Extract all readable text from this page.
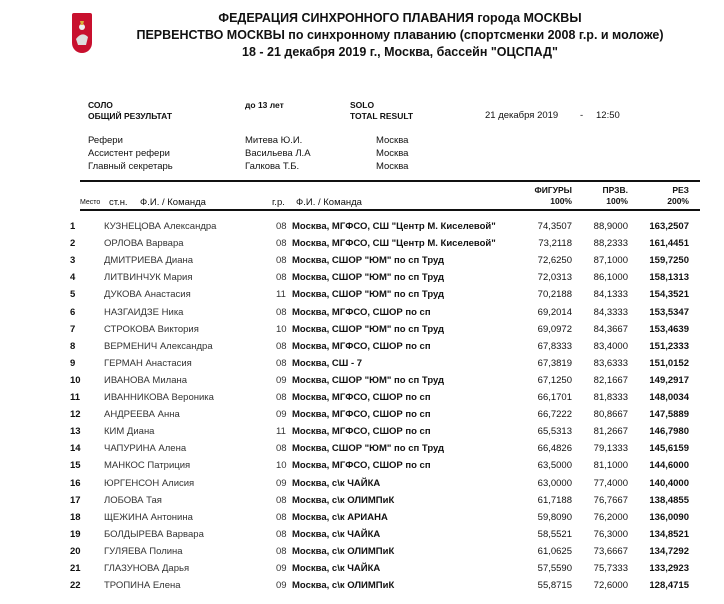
ФЕДЕРАЦИЯ СИНХРОННОГО ПЛАВАНИЯ города МОСКВЫ
ПЕРВЕНСТВО МОСКВЫ по синхронному плаванию (спортсменки 2008 г.р. и моложе)
18 - 21 декабря 2019 г., Москва, бассейн "ОЦСПАД"
СОЛО
ОБЩИЙ РЕЗУЛЬТАТ
до 13 лет	SOLO
TOTAL RESULT	21 декабря 2019 - 12:50
Рефери	Митева Ю.И.	Москва
Ассистент рефери	Васильева Л.А	Москва
Главный секретарь	Галкова Т.Б.	Москва
Место ст.н. Ф.И. / Команда	г.р. Ф.И. / Команда
ФИГУРЫ
100%
ПРЗВ.
100%
РЕЗ
200%
1	КУЗНЕЦОВА Александра	08 Москва, МГФСО, СШ "Центр М. Киселевой"	74,3507 88,9000 163,2507
2	ОРЛОВА Варвара	08 Москва, МГФСО, СШ "Центр М. Киселевой"	73,2118 88,2333 161,4451
3	ДМИТРИЕВА Диана	08 Москва, СШОР "ЮМ" по сп Труд	72,6250 87,1000 159,7250
4	ЛИТВИНЧУК Мария	08 Москва, СШОР "ЮМ" по сп Труд	72,0313 86,1000 158,1313
5	ДУКОВА Анастасия	11 Москва, СШОР "ЮМ" по сп Труд	70,2188 84,1333 154,3521
6	НАЗГАИДЗЕ Ника	08 Москва, МГФСО, СШОР по сп	69,2014 84,3333 153,5347
7	СТРОКОВА Виктория	10 Москва, СШОР "ЮМ" по сп Труд	69,0972 84,3667 153,4639
8	ВЕРМЕНИЧ Александра	08 Москва, МГФСО, СШОР по сп	67,8333 83,4000 151,2333
9	ГЕРМАН Анастасия	08 Москва, СШ - 7	67,3819 83,6333 151,0152
10 ИВАНОВА Милана	09 Москва, СШОР "ЮМ" по сп Труд	67,1250 82,1667 149,2917
11	ИВАННИКОВА Вероника	08 Москва, МГФСО, СШОР по сп	66,1701 81,8333 148,0034
12 АНДРЕЕВА Анна	09 Москва, МГФСО, СШОР по сп	66,7222 80,8667 147,5889
13 КИМ Диана	11 Москва, МГФСО, СШОР по сп	65,5313 81,2667 146,7980
14 ЧАПУРИНА Алена	08 Москва, СШОР "ЮМ" по сп Труд	66,4826 79,1333 145,6159
15 МАНКОС Патриция	10 Москва, МГФСО, СШОР по сп	63,5000 81,1000 144,6000
16 ЮРГЕНСОН Алисия	09 Москва, с\к ЧАЙКА	63,0000 77,4000 140,4000
17 ЛОБОВА Тая	08 Москва, с\к ОЛИМПиК	61,7188 76,7667 138,4855
18 ЩЕЖИНА Антонина	08 Москва, с\к АРИАНА	59,8090 76,2000 136,0090
19 БОЛДЫРЕВА Варвара	08 Москва, с\к ЧАЙКА	58,5521 76,3000 134,8521
20 ГУЛЯЕВА Полина	08 Москва, с\к ОЛИМПиК	61,0625 73,6667 134,7292
21 ГЛАЗУНОВА Дарья	09 Москва, с\к ЧАЙКА	57,5590 75,7333 133,2923
22 ТРОПИНА Елена	09 Москва, с\к ОЛИМПиК	55,8715 72,6000 128,4715
